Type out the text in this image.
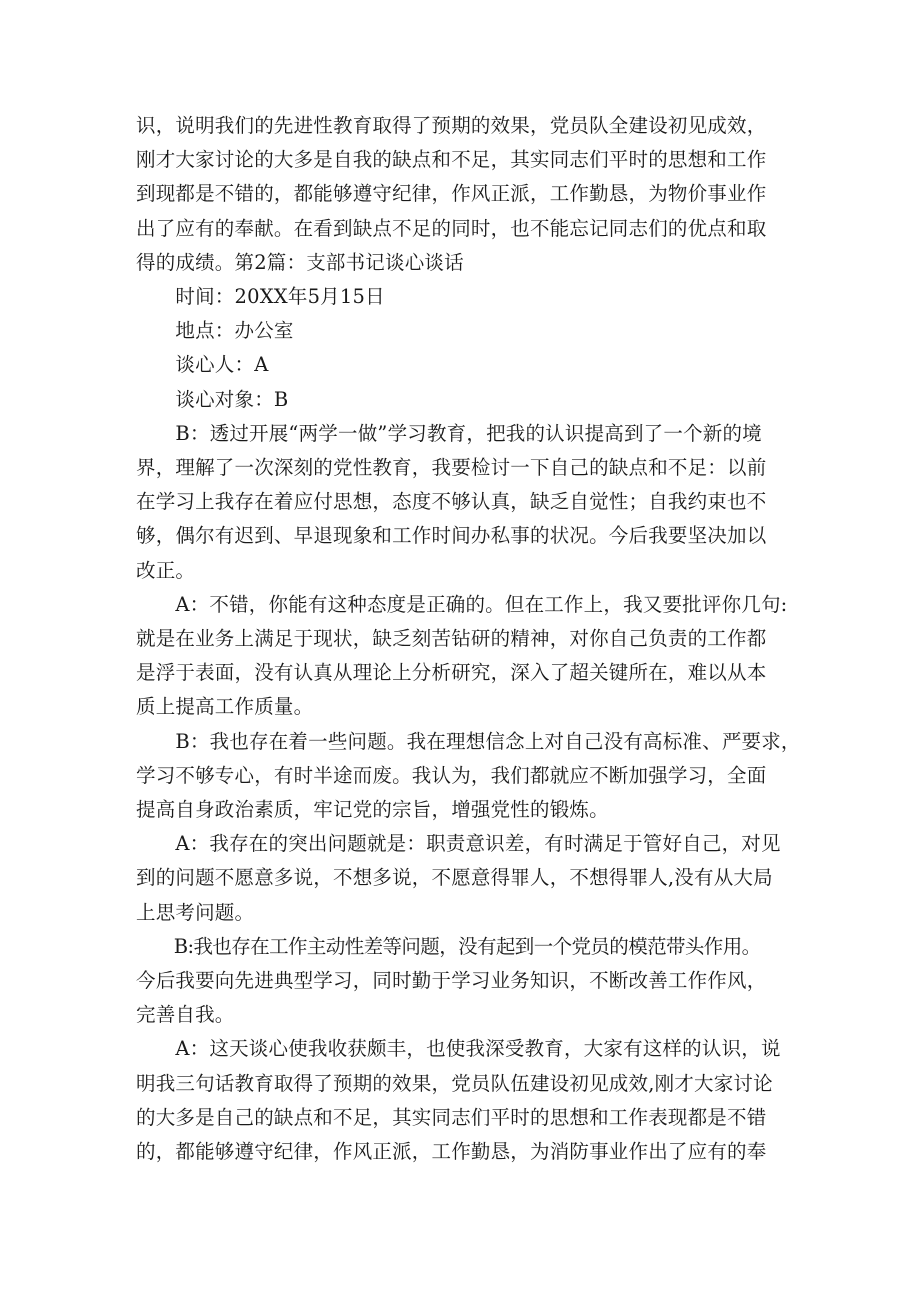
识，说明我们的先进性教育取得了预期的效果，党员队全建设初见成效，

刚才大家讨论的大多是自我的缺点和不足，其实同志们平时的思想和工作

到现都是不错的，都能够遵守纪律，作风正派，工作勤恳，为物价事业作

出了应有的奉献。在看到缺点不足的同时，也不能忘记同志们的优点和取

得的成绩。第2篇：支部书记谈心谈话

　　时间：20XX年5月15日

　　地点：办公室

　　谈心人：A

　　谈心对象：B

　　B：透过开展“两学一做”学习教育，把我的认识提高到了一个新的境

界，理解了一次深刻的党性教育，我要检讨一下自己的缺点和不足：以前

在学习上我存在着应付思想，态度不够认真，缺乏自觉性；自我约束也不

够，偶尔有迟到、早退现象和工作时间办私事的状况。今后我要坚决加以

改正。

　　A：不错，你能有这种态度是正确的。但在工作上，我又要批评你几句:

就是在业务上满足于现状，缺乏刻苦钻研的精神，对你自己负责的工作都

是浮于表面，没有认真从理论上分析研究，深入了超关键所在，难以从本

质上提高工作质量。

　　B：我也存在着一些问题。我在理想信念上对自己没有高标准、严要求，

学习不够专心，有时半途而废。我认为，我们都就应不断加强学习，全面

提高自身政治素质，牢记党的宗旨，增强党性的锻炼。

　　A：我存在的突出问题就是：职责意识差，有时满足于管好自己，对见

到的问题不愿意多说，不想多说，不愿意得罪人，不想得罪人,没有从大局

上思考问题。

　　B:我也存在工作主动性差等问题，没有起到一个党员的模范带头作用。

今后我要向先进典型学习，同时勤于学习业务知识，不断改善工作作风，

完善自我。

　　A：这天谈心使我收获颇丰，也使我深受教育，大家有这样的认识，说

明我三句话教育取得了预期的效果，党员队伍建设初见成效,刚才大家讨论

的大多是自己的缺点和不足，其实同志们平时的思想和工作表现都是不错

的，都能够遵守纪律，作风正派，工作勤恳，为消防事业作出了应有的奉
